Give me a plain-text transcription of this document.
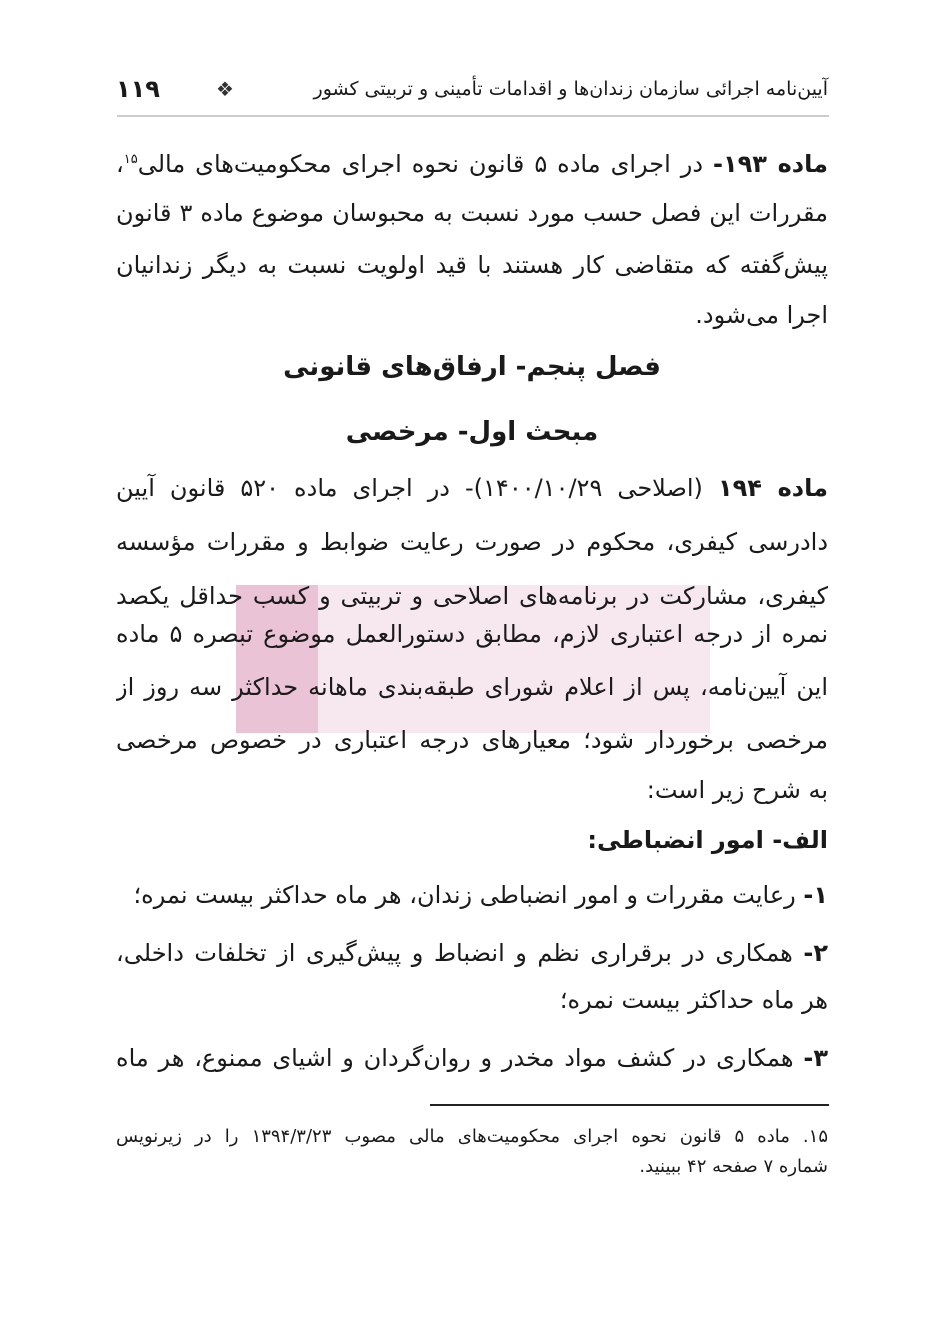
آیین‌نامه اجرائی سازمان زندان‌ها و اقدامات تأمینی و تربیتی کشور
❖
۱۱۹
ماده ۱۹۳- در اجرای ماده ۵ قانون نحوه اجرای محکومیت‌های مالی$^{۱۵}$،
مقررات این فصل حسب مورد نسبت به محبوسان موضوع ماده ۳ قانون
پیش‌گفته که متقاضی کار هستند با قید اولویت نسبت به دیگر زندانیان
اجرا می‌شود.
فصل پنجم- ارفاق‌های قانونی
مبحث اول- مرخصی
ماده ۱۹۴ (اصلاحی ۱۴۰۰/۱۰/۲۹)- در اجرای ماده ۵۲۰ قانون آیین
دادرسی کیفری، محکوم در صورت رعایت ضوابط و مقررات مؤسسه
کیفری، مشارکت در برنامه‌های اصلاحی و تربیتی و کسب حداقل یکصد
نمره از درجه اعتباری لازم، مطابق دستورالعمل موضوع تبصره ۵ ماده
این آیین‌نامه، پس از اعلام شورای طبقه‌بندی ماهانه حداکثر سه روز از
مرخصی برخوردار شود؛ معیارهای درجه اعتباری در خصوص مرخصی
به شرح زیر است:
الف- امور انضباطی:
۱- رعایت مقررات و امور انضباطی زندان، هر ماه حداکثر بیست نمره؛
۲- همکاری در برقراری نظم و انضباط و پیش‌گیری از تخلفات داخلی،
هر ماه حداکثر بیست نمره؛
۳- همکاری در کشف مواد مخدر و روان‌گردان و اشیای ممنوع، هر ماه
۱۵. ماده ۵ قانون نحوه اجرای محکومیت‌های مالی مصوب ۱۳۹۴/۳/۲۳ را در زیرنویس
شماره ۷ صفحه ۴۲ ببینید.
